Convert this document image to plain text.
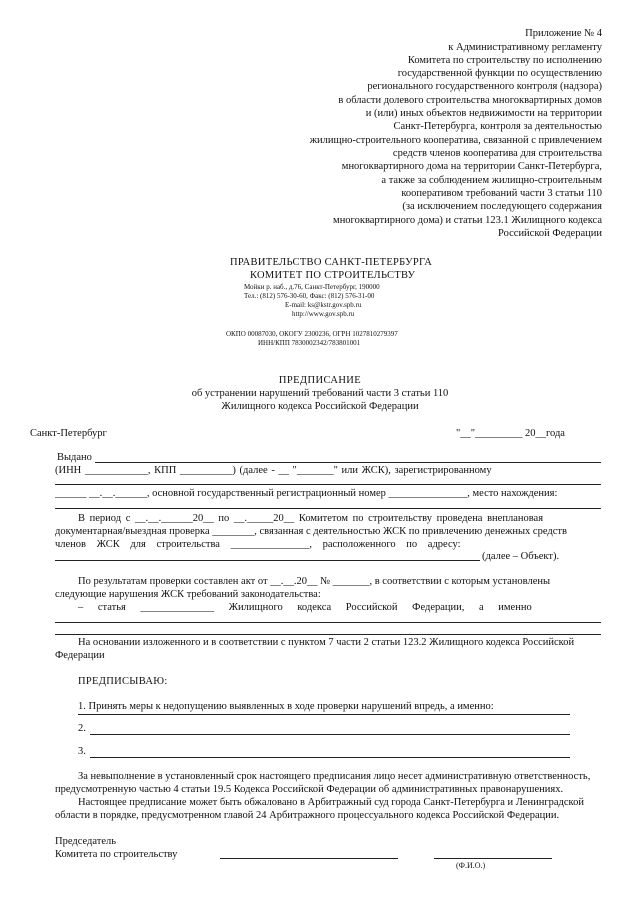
Приложение № 4
к Административному регламенту
Комитета по строительству по исполнению
государственной функции по осуществлению
регионального государственного контроля (надзора)
в области долевого строительства многоквартирных домов
и (или) иных объектов недвижимости на территории
Санкт-Петербурга, контроля за деятельностью
жилищно-строительного кооператива, связанной с привлечением
средств членов кооператива для строительства
многоквартирного дома на территории Санкт-Петербурга,
а также за соблюдением жилищно-строительным
кооперативом требований части 3 статьи 110
(за исключением последующего содержания
многоквартирного дома) и статьи 123.1 Жилищного кодекса
Российской Федерации
ПРАВИТЕЛЬСТВО САНКТ-ПЕТЕРБУРГА
КОМИТЕТ ПО СТРОИТЕЛЬСТВУ
Мойки р. наб., д.76, Санкт-Петербург, 190000
Тел.: (812) 576-30-60, Факс: (812) 576-31-00
E-mail: ks@kstr.gov.spb.ru
http://www.gov.spb.ru
ОКПО 00087030, ОКОГУ 2300236, ОГРН 1027810279397
ИНН/КПП 7830002342/783801001
ПРЕДПИСАНИЕ
об устранении нарушений требований части 3 статьи 110
Жилищного кодекса Российской Федерации
Санкт-Петербург	"__"_________ 20__года
Выдано
(ИНН ____________, КПП __________) (далее - __ "_______" или ЖСК), зарегистрированному
______ __.__.______, основной государственный регистрационный номер _______________, место нахождения:
В период с __.__.______20__ по __._____20__ Комитетом по строительству проведена внеплановая
документарная/выездная проверка ________, связанная с деятельностью ЖСК по привлечению денежных средств
членов ЖСК для строительства _______________, расположенного по адресу:
(далее – Объект).
По результатам проверки составлен акт от __.__.20__ № _______, в соответствии с которым установлены
следующие нарушения ЖСК требований законодательства:
– статья ______________ Жилищного кодекса Российской Федерации, а именно
На основании изложенного и в соответствии с пунктом 7 части 2 статьи 123.2 Жилищного кодекса Российской
Федерации
ПРЕДПИСЫВАЮ:
1. Принять меры к недопущению выявленных в ходе проверки нарушений впредь, а именно:
2.
3.
За невыполнение в установленный срок настоящего предписания лицо несет административную ответственность,
предусмотренную частью 4 статьи 19.5 Кодекса Российской Федерации об административных правонарушениях.
Настоящее предписание может быть обжаловано в Арбитражный суд города Санкт-Петербурга и Ленинградской
области в порядке, предусмотренном главой 24 Арбитражного процессуального кодекса Российской Федерации.
Председатель
Комитета по строительству
(Ф.И.О.)
